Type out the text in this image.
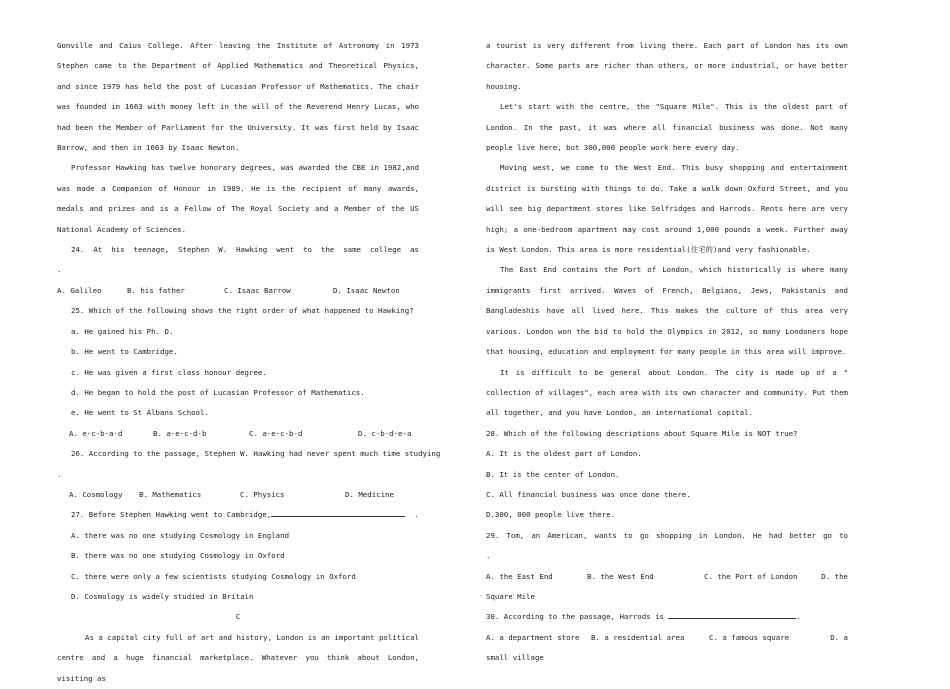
Gonville and Caius College. After leaving the Institute of Astronomy in 1973 Stephen came to the Department of Applied Mathematics and Theoretical Physics, and since 1979 has held the post of Lucasian Professor of Mathematics. The chair was founded in 1663 with money left in the will of the Reverend Henry Lucas, who had been the Member of Parliament for the University. It was first held by Isaac Barrow, and then in 1663 by Isaac Newton.

Professor Hawking has twelve honorary degrees, was awarded the CBE in 1982,and was made a Companion of Honour in 1989. He is the recipient of many awards, medals and prizes and is a Fellow of The Royal Society and a Member of the US National Academy of Sciences.

24. At his teenage, Stephen W. Hawking went to the same college as

.

A. Galileo	B. his father	C. Isaac Barrow	D. Isaac Newton

25. Which of the following shows the right order of what happened to Hawking?

a. He gained his Ph. D.

b. He went to Cambridge.

c. He was given a first class honour degree.

d. He began to hold the post of Lucasian Professor of Mathematics.

e. He went to St Albans School.

A. e-c-b-a-d	B. a-e-c-d-b	C. a-e-c-b-d	D. c-b-d-e-a

26. According to the passage, Stephen W. Hawking had never spent much time studying

.

A. Cosmology	B. Mathematics	C. Physics	D. Medicine

27. Before Stephen Hawking went to Cambridge,	.

A. there was no one studying Cosmology in England

B. there was no one studying Cosmology in Oxford

C. there were only a few scientists studying Cosmology in Oxford

D. Cosmology is widely studied in Britain

C

As a capital city full of art and history, London is an important political centre and a huge financial marketplace. Whatever you think about London, visiting as

a tourist is very different from living there. Each part of London has its own character. Some parts are richer than others, or more industrial, or have better housing.

Let's start with the centre, the "Square Mile". This is the oldest part of London. In the past, it was where all financial business was done. Not many people live here, but 300,000 people work here every day.

Moving west, we come to the West End. This busy shopping and entertainment district is bursting with things to do. Take a walk down Oxford Street, and you will see big department stores like Selfridges and Harrods. Rents here are very high; a one-bedroom apartment may cost around 1,000 pounds a week. Further away is West London. This area is more residential(住宅的)and very fashionable.

The East End contains the Port of London, which historically is where many immigrants first arrived. Waves of French, Belgians, Jews, Pakistanis and Bangladeshis have all lived here. This makes the culture of this area very various. London won the bid to hold the Olympics in 2012, so many Londoners hope that housing, education and employment for many people in this area will improve.

It is difficult to be general about London. The city is made up of a " collection of villages", each area with its own character and community. Put them all together, and you have London, an international capital.

28. Which of the following descriptions about Square Mile is NOT true?

A. It is the oldest part of London.

B. It is the center of London.

C. All financial business was once done there.

D.300, 000 people live there.

29. Tom, an American, wants to go shopping in London. He had better go to

.

A. the East End	B. the West End	C. the Port of London	D. the

Square Mile

30. According to the passage, Harrods is	.

A. a department store	B. a residential area	C. a famous square	D. a

small village
